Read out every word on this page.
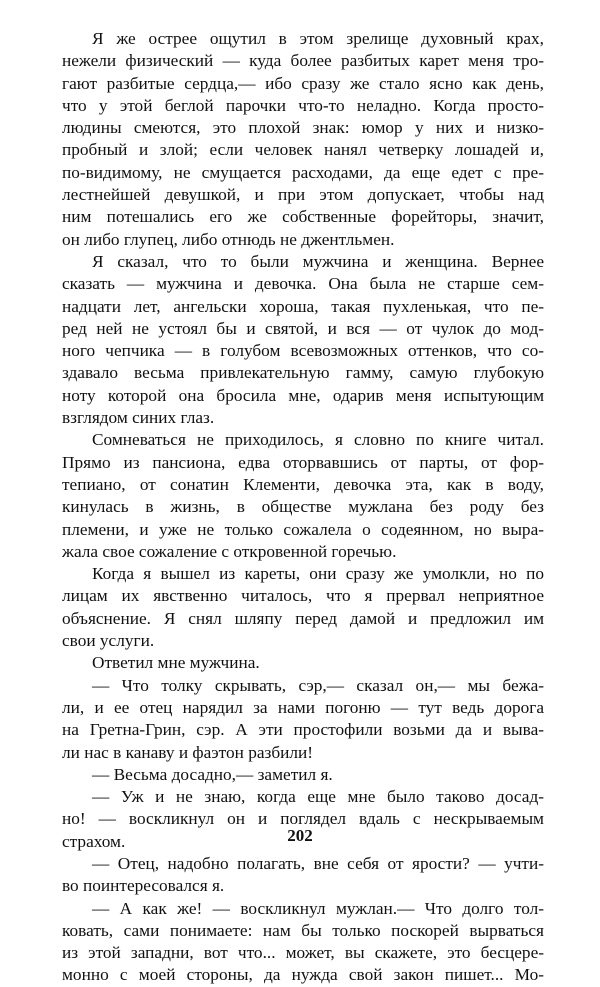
Я же острее ощутил в этом зрелище духовный крах,
нежели физический — куда более разбитых карет меня тро-
гают разбитые сердца,— ибо сразу же стало ясно как день,
что у этой беглой парочки что-то неладно. Когда просто-
людины смеются, это плохой знак: юмор у них и низко-
пробный и злой; если человек нанял четверку лошадей и,
по-видимому, не смущается расходами, да еще едет с пре-
лестнейшей девушкой, и при этом допускает, чтобы над
ним потешались его же собственные форейторы, значит,
он либо глупец, либо отнюдь не джентльмен.
Я сказал, что то были мужчина и женщина. Вернее
сказать — мужчина и девочка. Она была не старше сем-
надцати лет, ангельски хороша, такая пухленькая, что пе-
ред ней не устоял бы и святой, и вся — от чулок до мод-
ного чепчика — в голубом всевозможных оттенков, что со-
здавало весьма привлекательную гамму, самую глубокую
ноту которой она бросила мне, одарив меня испытующим
взглядом синих глаз.
Сомневаться не приходилось, я словно по книге читал.
Прямо из пансиона, едва оторвавшись от парты, от фор-
тепиано, от сонатин Клементи, девочка эта, как в воду,
кинулась в жизнь, в обществе мужлана без роду без
племени, и уже не только сожалела о содеянном, но выра-
жала свое сожаление с откровенной горечью.
Когда я вышел из кареты, они сразу же умолкли, но по
лицам их явственно читалось, что я прервал неприятное
объяснение. Я снял шляпу перед дамой и предложил им
свои услуги.
Ответил мне мужчина.
— Что толку скрывать, сэр,— сказал он,— мы бежа-
ли, и ее отец нарядил за нами погоню — тут ведь дорога
на Гретна-Грин, сэр. А эти простофили возьми да и выва-
ли нас в канаву и фаэтон разбили!
— Весьма досадно,— заметил я.
— Уж и не знаю, когда еще мне было таково досад-
но! — воскликнул он и поглядел вдаль с нескрываемым
страхом.
— Отец, надобно полагать, вне себя от ярости? — учти-
во поинтересовался я.
— А как же! — воскликнул мужлан.— Что долго тол-
ковать, сами понимаете: нам бы только поскорей вырваться
из этой западни, вот что... может, вы скажете, это бесцере-
монно с моей стороны, да нужда свой закон пишет... Мо-
202
